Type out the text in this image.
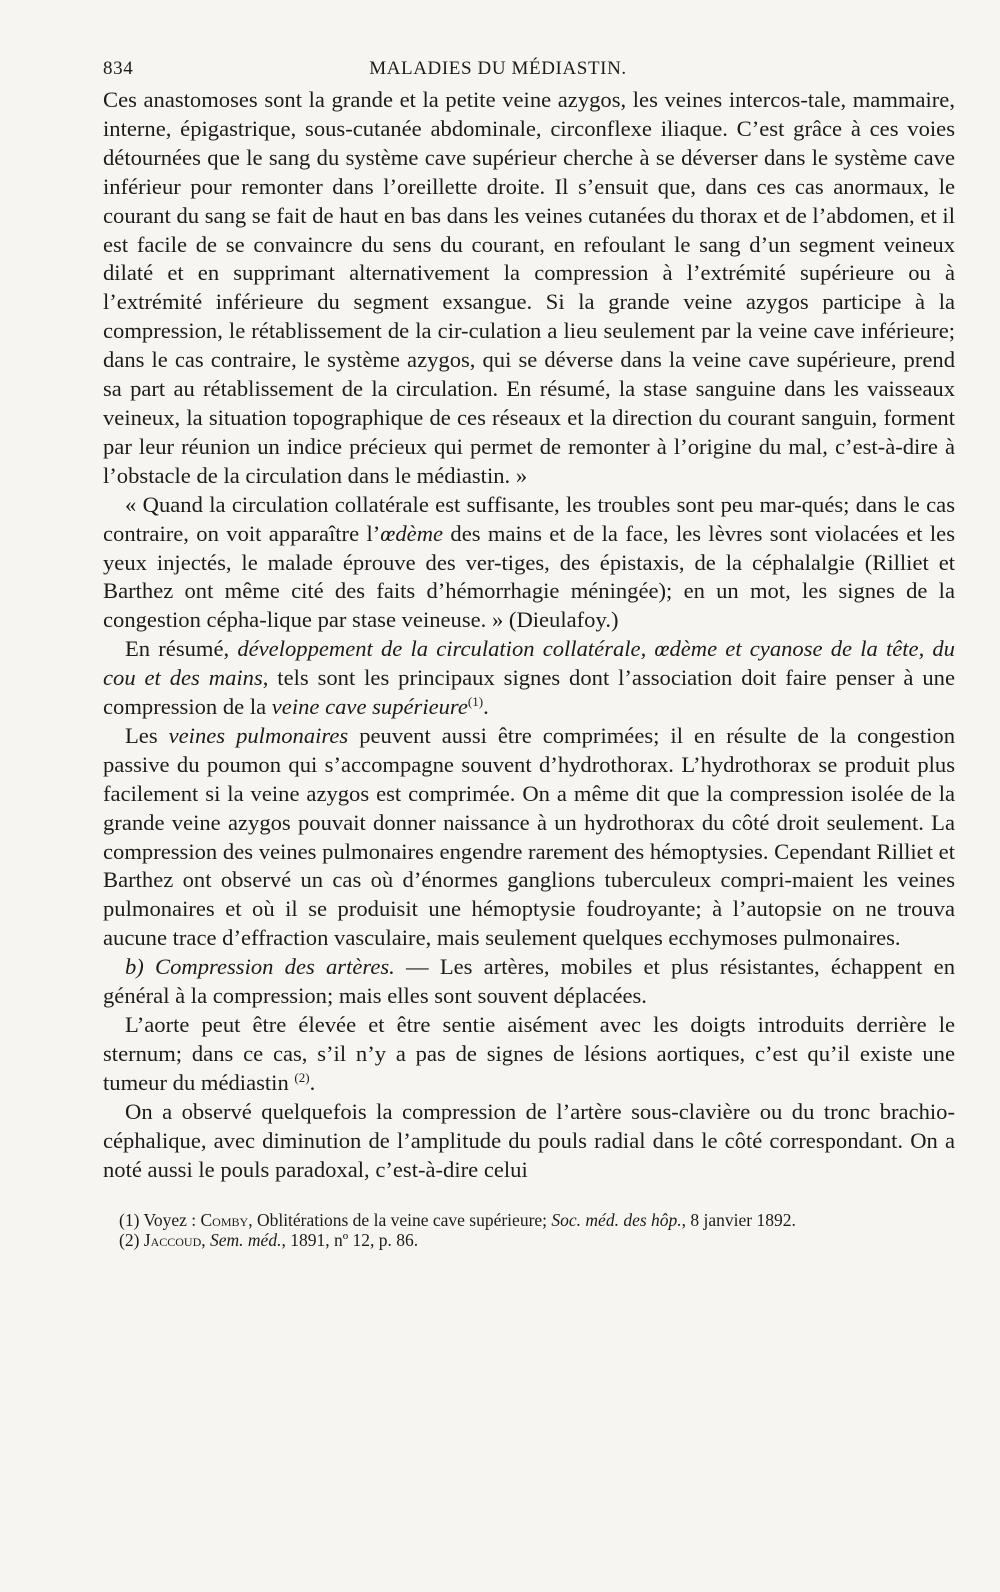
834	MALADIES DU MÉDIASTIN.

Ces anastomoses sont la grande et la petite veine azygos, les veines intercos-tale, mammaire, interne, épigastrique, sous-cutanée abdominale, circonflexe iliaque. C’est grâce à ces voies détournées que le sang du système cave supérieur cherche à se déverser dans le système cave inférieur pour remonter dans l’oreillette droite. Il s’ensuit que, dans ces cas anormaux, le courant du sang se fait de haut en bas dans les veines cutanées du thorax et de l’abdomen, et il est facile de se convaincre du sens du courant, en refoulant le sang d’un segment veineux dilaté et en supprimant alternativement la compression à l’extrémité supérieure ou à l’extrémité inférieure du segment exsangue. Si la grande veine azygos participe à la compression, le rétablissement de la cir-culation a lieu seulement par la veine cave inférieure; dans le cas contraire, le système azygos, qui se déverse dans la veine cave supérieure, prend sa part au rétablissement de la circulation. En résumé, la stase sanguine dans les vaisseaux veineux, la situation topographique de ces réseaux et la direction du courant sanguin, forment par leur réunion un indice précieux qui permet de remonter à l’origine du mal, c’est-à-dire à l’obstacle de la circulation dans le médiastin. »

« Quand la circulation collatérale est suffisante, les troubles sont peu mar-qués; dans le cas contraire, on voit apparaître l’œdème des mains et de la face, les lèvres sont violacées et les yeux injectés, le malade éprouve des ver-tiges, des épistaxis, de la céphalalgie (Rilliet et Barthez ont même cité des faits d’hémorrhagie méningée); en un mot, les signes de la congestion cépha-lique par stase veineuse. » (Dieulafoy.)

En résumé, développement de la circulation collatérale, œdème et cyanose de la tête, du cou et des mains, tels sont les principaux signes dont l’association doit faire penser à une compression de la veine cave supérieure$^{(1)}$.

Les veines pulmonaires peuvent aussi être comprimées; il en résulte de la congestion passive du poumon qui s’accompagne souvent d’hydrothorax. L’hydrothorax se produit plus facilement si la veine azygos est comprimée. On a même dit que la compression isolée de la grande veine azygos pouvait donner naissance à un hydrothorax du côté droit seulement. La compression des veines pulmonaires engendre rarement des hémoptysies. Cependant Rilliet et Barthez ont observé un cas où d’énormes ganglions tuberculeux compri-maient les veines pulmonaires et où il se produisit une hémoptysie foudroyante; à l’autopsie on ne trouva aucune trace d’effraction vasculaire, mais seulement quelques ecchymoses pulmonaires.

b) Compression des artères. — Les artères, mobiles et plus résistantes, échappent en général à la compression; mais elles sont souvent déplacées.

L’aorte peut être élevée et être sentie aisément avec les doigts introduits derrière le sternum; dans ce cas, s’il n’y a pas de signes de lésions aortiques, c’est qu’il existe une tumeur du médiastin $^{(2)}$.

On a observé quelquefois la compression de l’artère sous-clavière ou du tronc brachio-céphalique, avec diminution de l’amplitude du pouls radial dans le côté correspondant. On a noté aussi le pouls paradoxal, c’est-à-dire celui

(1) Voyez : Comby, Oblitérations de la veine cave supérieure; Soc. méd. des hôp., 8 janvier 1892.

(2) Jaccoud, Sem. méd., 1891, nº 12, p. 86.
